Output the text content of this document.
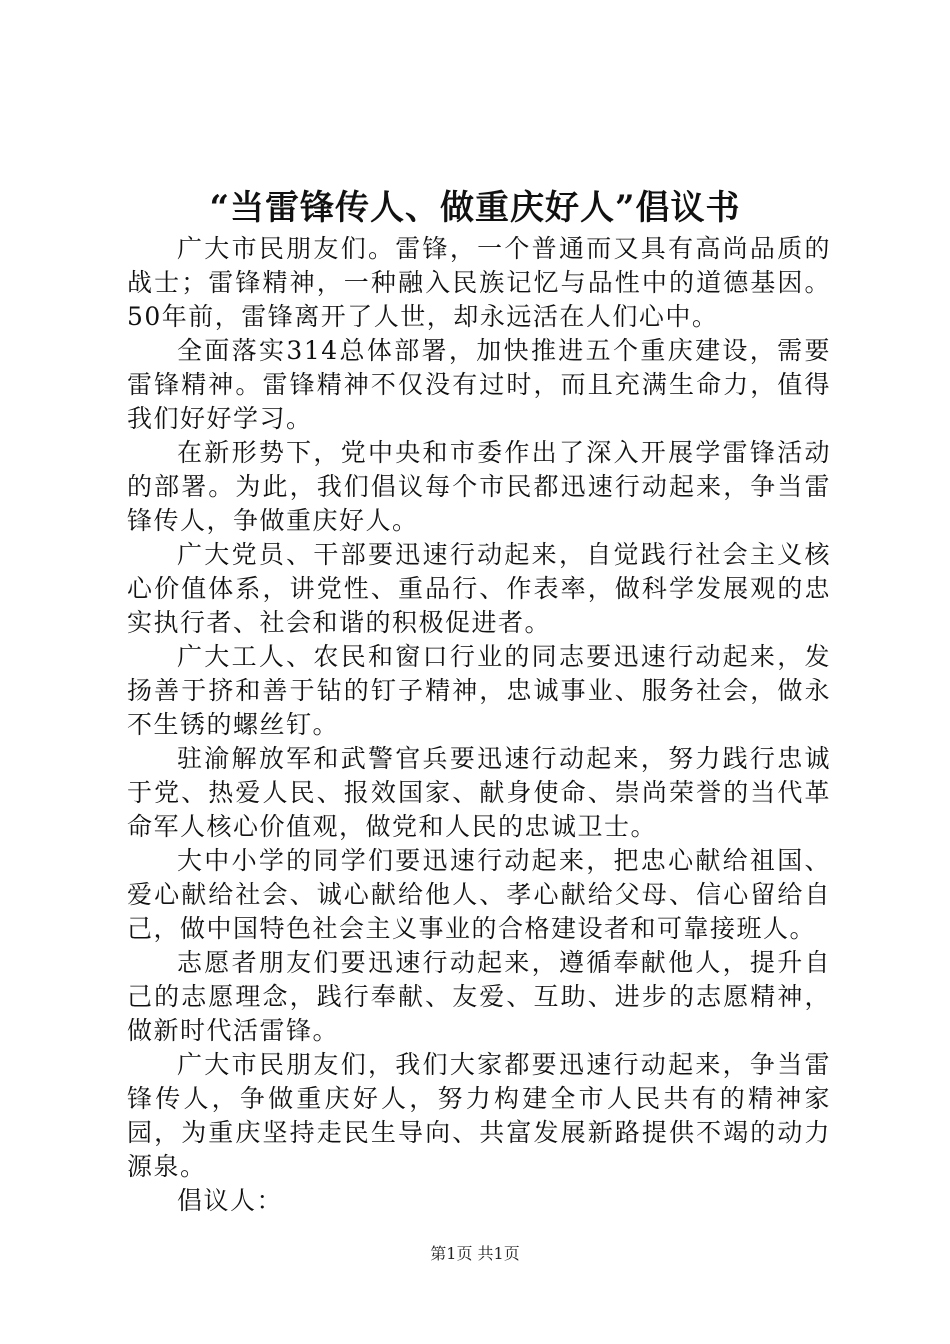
“当雷锋传人、做重庆好人”倡议书

广大市民朋友们。雷锋，一个普通而又具有高尚品质的战士；雷锋精神，一种融入民族记忆与品性中的道德基因。50年前，雷锋离开了人世，却永远活在人们心中。

全面落实314总体部署，加快推进五个重庆建设，需要雷锋精神。雷锋精神不仅没有过时，而且充满生命力，值得我们好好学习。

在新形势下，党中央和市委作出了深入开展学雷锋活动的部署。为此，我们倡议每个市民都迅速行动起来，争当雷锋传人，争做重庆好人。

广大党员、干部要迅速行动起来，自觉践行社会主义核心价值体系，讲党性、重品行、作表率，做科学发展观的忠实执行者、社会和谐的积极促进者。

广大工人、农民和窗口行业的同志要迅速行动起来，发扬善于挤和善于钻的钉子精神，忠诚事业、服务社会，做永不生锈的螺丝钉。

驻渝解放军和武警官兵要迅速行动起来，努力践行忠诚于党、热爱人民、报效国家、献身使命、崇尚荣誉的当代革命军人核心价值观，做党和人民的忠诚卫士。

大中小学的同学们要迅速行动起来，把忠心献给祖国、爱心献给社会、诚心献给他人、孝心献给父母、信心留给自己，做中国特色社会主义事业的合格建设者和可靠接班人。

志愿者朋友们要迅速行动起来，遵循奉献他人，提升自己的志愿理念，践行奉献、友爱、互助、进步的志愿精神，做新时代活雷锋。

广大市民朋友们，我们大家都要迅速行动起来，争当雷锋传人，争做重庆好人，努力构建全市人民共有的精神家园，为重庆坚持走民生导向、共富发展新路提供不竭的动力源泉。

倡议人：

第1页 共1页
